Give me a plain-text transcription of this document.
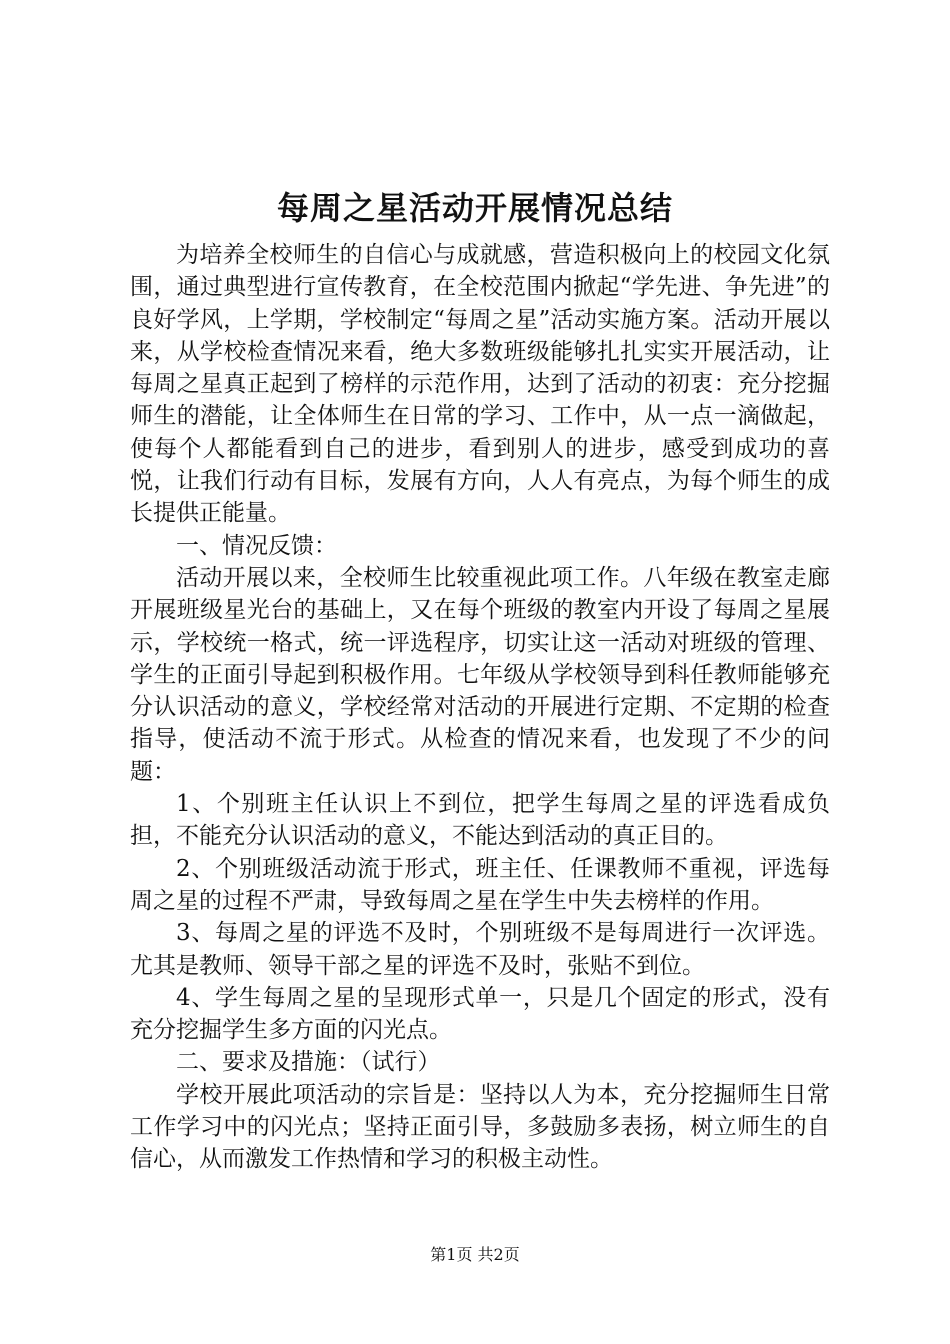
每周之星活动开展情况总结

为培养全校师生的自信心与成就感，营造积极向上的校园文化氛围，通过典型进行宣传教育，在全校范围内掀起“学先进、争先进”的良好学风，上学期，学校制定“每周之星”活动实施方案。活动开展以来，从学校检查情况来看，绝大多数班级能够扎扎实实开展活动，让每周之星真正起到了榜样的示范作用，达到了活动的初衷：充分挖掘师生的潜能，让全体师生在日常的学习、工作中，从一点一滴做起，使每个人都能看到自己的进步，看到别人的进步，感受到成功的喜悦，让我们行动有目标，发展有方向，人人有亮点，为每个师生的成长提供正能量。

一、情况反馈：

活动开展以来，全校师生比较重视此项工作。八年级在教室走廊开展班级星光台的基础上，又在每个班级的教室内开设了每周之星展示，学校统一格式，统一评选程序，切实让这一活动对班级的管理、学生的正面引导起到积极作用。七年级从学校领导到科任教师能够充分认识活动的意义，学校经常对活动的开展进行定期、不定期的检查指导，使活动不流于形式。从检查的情况来看，也发现了不少的问题：

1、个别班主任认识上不到位，把学生每周之星的评选看成负担，不能充分认识活动的意义，不能达到活动的真正目的。

2、个别班级活动流于形式，班主任、任课教师不重视，评选每周之星的过程不严肃，导致每周之星在学生中失去榜样的作用。

3、每周之星的评选不及时，个别班级不是每周进行一次评选。尤其是教师、领导干部之星的评选不及时，张贴不到位。

4、学生每周之星的呈现形式单一，只是几个固定的形式，没有充分挖掘学生多方面的闪光点。

二、要求及措施：（试行）

学校开展此项活动的宗旨是：坚持以人为本，充分挖掘师生日常工作学习中的闪光点；坚持正面引导，多鼓励多表扬，树立师生的自信心，从而激发工作热情和学习的积极主动性。

第1页 共2页
